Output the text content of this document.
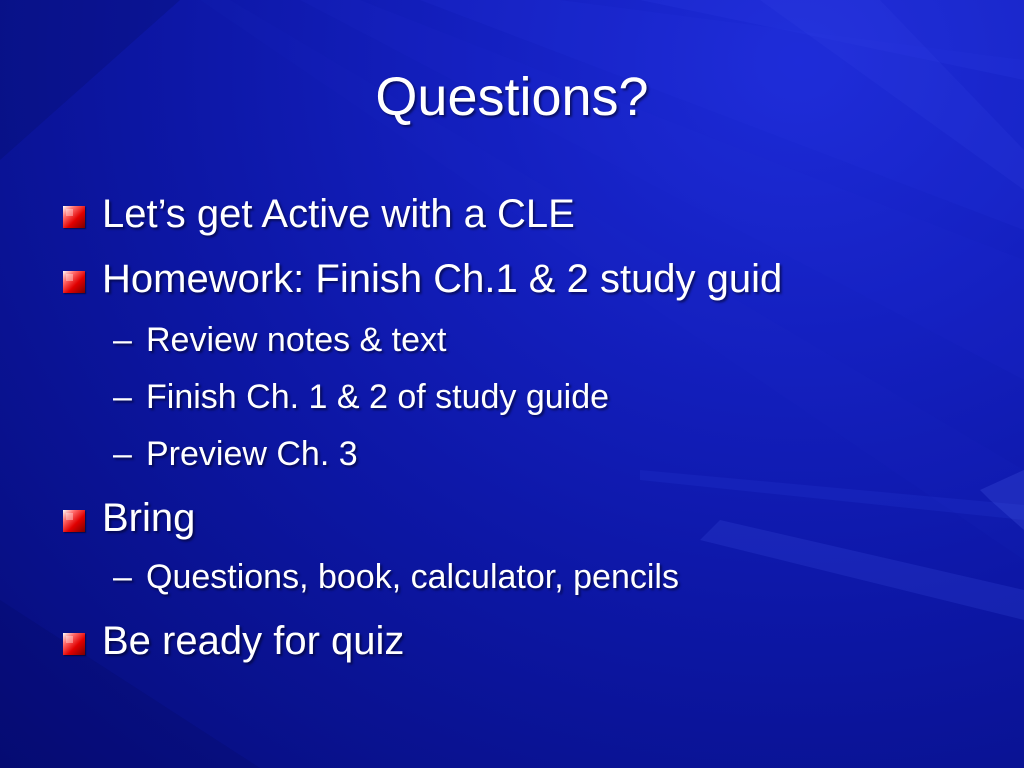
Questions?
Let’s get Active with a CLE
Homework: Finish Ch.1 & 2 study guid
– Review notes & text
– Finish Ch. 1 & 2 of study guide
– Preview Ch. 3
Bring
– Questions, book, calculator, pencils
Be ready for quiz
